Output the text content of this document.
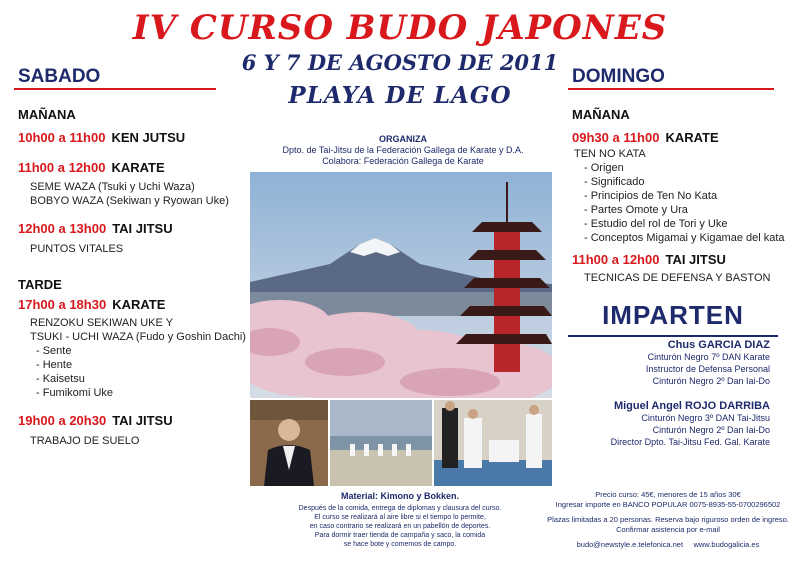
IV CURSO BUDO JAPONES
6 Y 7 DE AGOSTO DE 2011
PLAYA DE LAGO
SABADO
MAÑANA
10h00 a 11h00 KEN JUTSU
11h00 a 12h00 KARATE
SEME WAZA (Tsuki y Uchi Waza)
BOBYO WAZA (Sekiwan y Ryowan Uke)
12h00 a 13h00 TAI JITSU
PUNTOS VITALES
TARDE
17h00 a 18h30 KARATE
RENZOKU SEKIWAN UKE Y
TSUKI - UCHI WAZA (Fudo y Goshin Dachi)
- Sente
- Hente
- Kaisetsu
- Fumikomi Uke
19h00 a 20h30 TAI JITSU
TRABAJO DE SUELO
DOMINGO
MAÑANA
09h30 a 11h00 KARATE
TEN NO KATA
- Origen
- Significado
- Principios de Ten No Kata
- Partes Omote y Ura
- Estudio del rol de Tori y Uke
- Conceptos Migamai y Kigamae del kata
11h00 a 12h00 TAI JITSU
TECNICAS DE DEFENSA Y BASTON
ORGANIZA
Dpto. de Tai-Jitsu de la Federación Gallega de Karate y D.A.
Colabora: Federación Gallega de Karate
IMPARTEN
Chus GARCIA DIAZ
Cinturón Negro 7º DAN Karate
Instructor de Defensa Personal
Cinturón Negro 2º Dan Iai-Do
Miguel Angel ROJO DARRIBA
Cinturón Negro 3º DAN Tai-Jitsu
Cinturón Negro 2º Dan Iai-Do
Director Dpto. Tai-Jitsu Fed. Gal. Karate
Material: Kimono y Bokken.
Después de la comida, entrega de diplomas y clausura del curso.
El curso se realizará al aire libre si el tiempo lo permite,
en caso contrario se realizará en un pabellón de deportes.
Para dormir traer tienda de campaña y saco, la comida
se hace bote y comemos de campo.
Precio curso: 45€, menores de 15 años 30€
Ingresar importe en BANCO POPULAR 0075-8935-55-0700296502
Plazas limitadas a 20 personas. Reserva bajo riguroso orden de ingreso.
Confirmar asistencia por e-mail
budo@newstyle.e.telefonica.net     www.budogalicia.es
